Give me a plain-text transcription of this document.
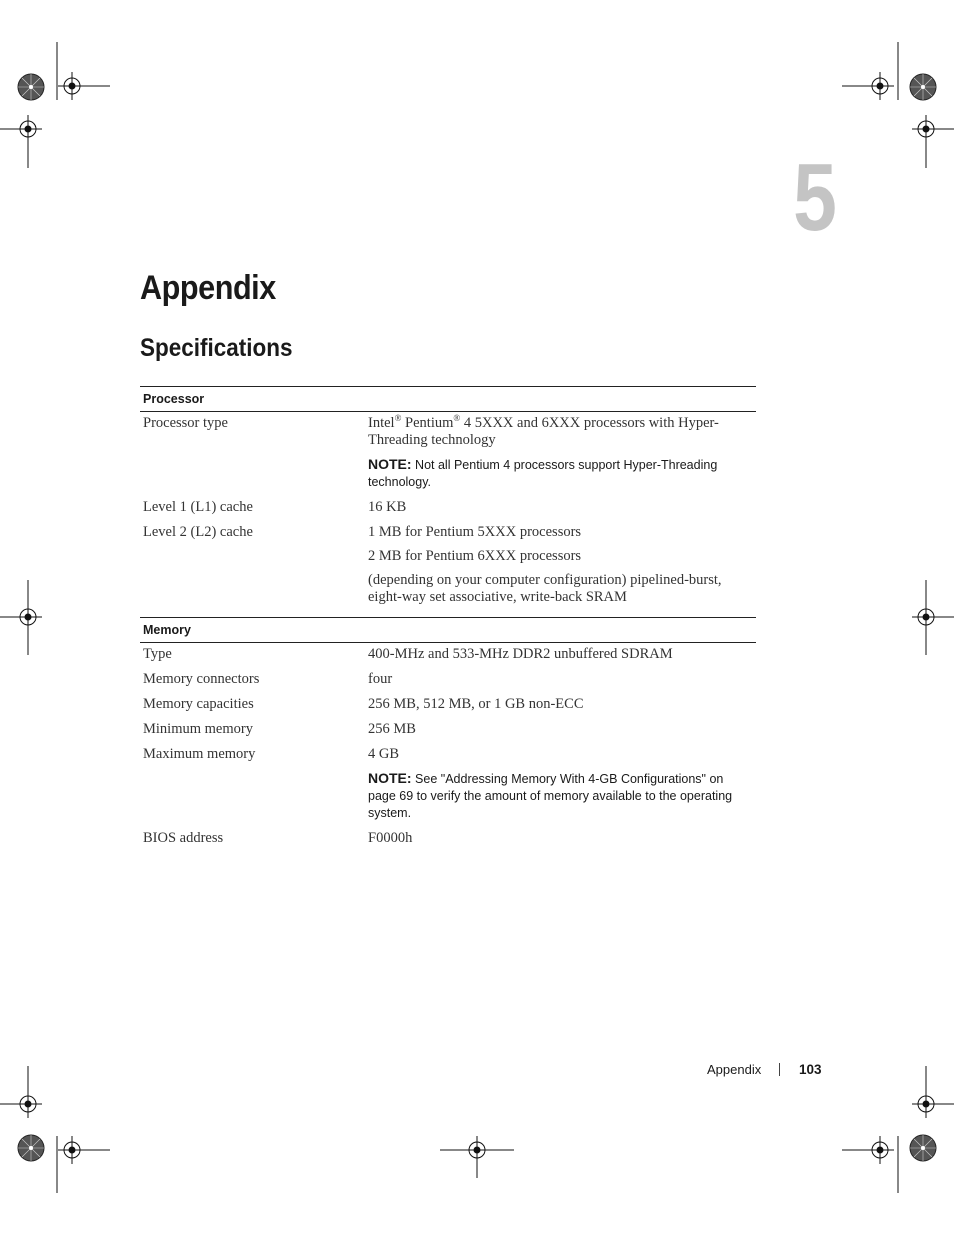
5
Appendix
Specifications
Processor
Processor type	Intel® Pentium® 4 5XXX and 6XXX processors with Hyper-Threading technology

NOTE: Not all Pentium 4 processors support Hyper-Threading technology.

Level 1 (L1) cache	16 KB
Level 2 (L2) cache	1 MB for Pentium 5XXX processors

2 MB for Pentium 6XXX processors

(depending on your computer configuration) pipelined-burst, eight-way set associative, write-back SRAM

Memory
Type	400-MHz and 533-MHz DDR2 unbuffered SDRAM
Memory connectors	four
Memory capacities	256 MB, 512 MB, or 1 GB non-ECC
Minimum memory	256 MB
Maximum memory	4 GB

NOTE: See "Addressing Memory With 4-GB Configurations" on page 69 to verify the amount of memory available to the operating system.

BIOS address	F0000h
Appendix	103
